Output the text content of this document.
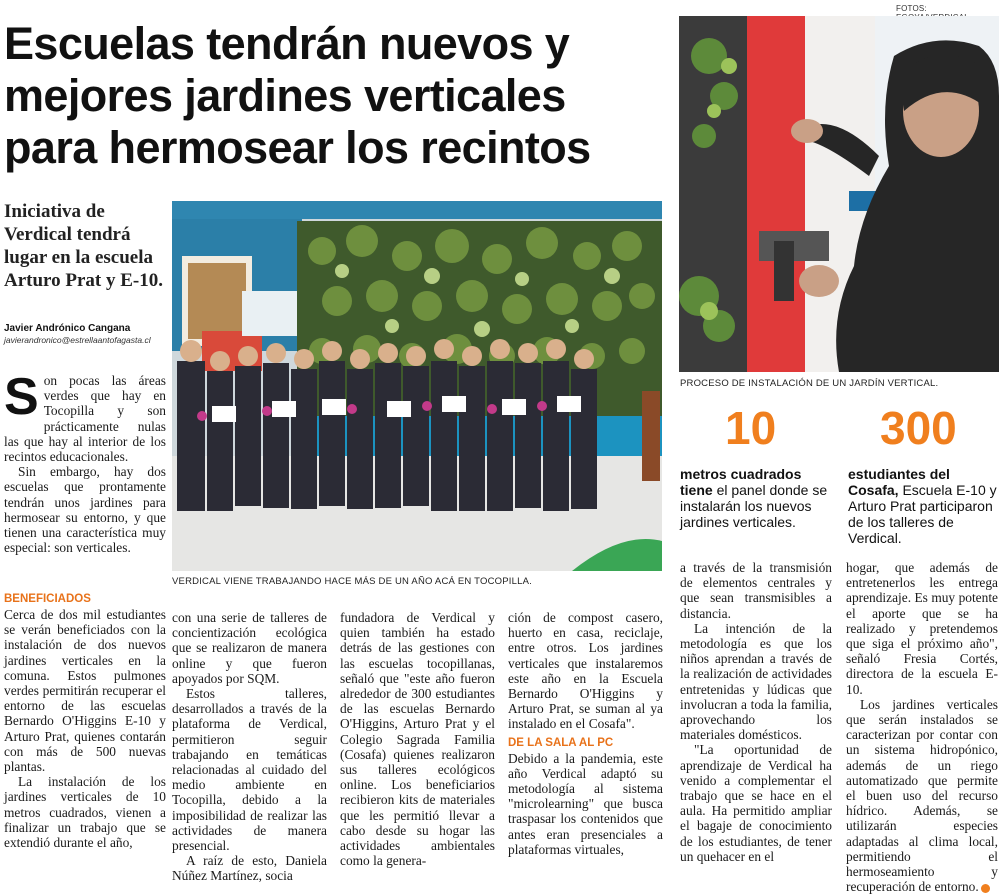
FOTOS:
Escuelas tendrán nuevos y
mejores jardines verticales
para hermosear los recintos
Iniciativa de Verdical tendrá lugar en la escuela Arturo Prat y E-10.
Javier Andrónico Cangana
javierandronico@estrellaantofagasta.cl

Son pocas las áreas verdes que hay en Tocopilla y son prácticamente nulas las que hay al interior de los recintos educacionales.

Sin embargo, hay dos escuelas que prontamente tendrán unos jardines para hermosear su entorno, y que tienen una característica muy especial: son verticales.

VERDICAL VIENE TRABAJANDO HACE MÁS DE UN AÑO ACÁ EN TOCOPILLA.
PROCESO DE INSTALACIÓN DE UN JARDÍN VERTICAL.
10
metros cuadrados tiene el panel donde se instalarán los nuevos jardines verticales.
300
estudiantes del Cosafa, Escuela E-10 y Arturo Prat participaron de los talleres de Verdical.
BENEFICIADOS

Cerca de dos mil estudiantes se verán beneficiados con la instalación de dos nuevos jardines verticales en la comuna. Estos pulmones verdes permitirán recuperar el entorno de las escuelas Bernardo O'Higgins E-10 y Arturo Prat, quienes contarán con más de 500 nuevas plantas.

La instalación de los jardines verticales de 10 metros cuadrados, vienen a finalizar un trabajo que se extendió durante el año,

con una serie de talleres de concientización ecológica que se realizaron de manera online y que fueron apoyados por SQM.

Estos talleres, desarrollados a través de la plataforma de Verdical, permitieron seguir trabajando en temáticas relacionadas al cuidado del medio ambiente en Tocopilla, debido a la imposibilidad de realizar las actividades de manera presencial.

A raíz de esto, Daniela Núñez Martínez, socia

fundadora de Verdical y quien también ha estado detrás de las gestiones con las escuelas tocopillanas, señaló que "este año fueron alrededor de 300 estudiantes de las escuelas Bernardo O'Higgins, Arturo Prat y el Colegio Sagrada Familia (Cosafa) quienes realizaron sus talleres ecológicos online. Los beneficiarios recibieron kits de materiales que les permitió llevar a cabo desde su hogar las actividades ambientales como la genera-

ción de compost casero, huerto en casa, reciclaje, entre otros. Los jardines verticales que instalaremos este año en la Escuela Bernardo O'Higgins y Arturo Prat, se suman al ya instalado en el Cosafa".

DE LA SALA AL PC

Debido a la pandemia, este año Verdical adaptó su metodología al sistema "microlearning" que busca traspasar los contenidos que antes eran presenciales a plataformas virtuales,

a través de la transmisión de elementos centrales y que sean transmisibles a distancia.

La intención de la metodología es que los niños aprendan a través de la realización de actividades entretenidas y lúdicas que involucran a toda la familia, aprovechando los materiales domésticos.

"La oportunidad de aprendizaje de Verdical ha venido a complementar el trabajo que se hace en el aula. Ha permitido ampliar el bagaje de conocimiento de los estudiantes, de tener un quehacer en el

hogar, que además de entretenerlos les entrega aprendizaje. Es muy potente el aporte que se ha realizado y pretendemos que siga el próximo año", señaló Fresia Cortés, directora de la escuela E-10.

Los jardines verticales que serán instalados se caracterizan por contar con un sistema hidropónico, además de un riego automatizado que permite el buen uso del recurso hídrico. Además, se utilizarán especies adaptadas al clima local, permitiendo el hermoseamiento y recuperación de entorno.
